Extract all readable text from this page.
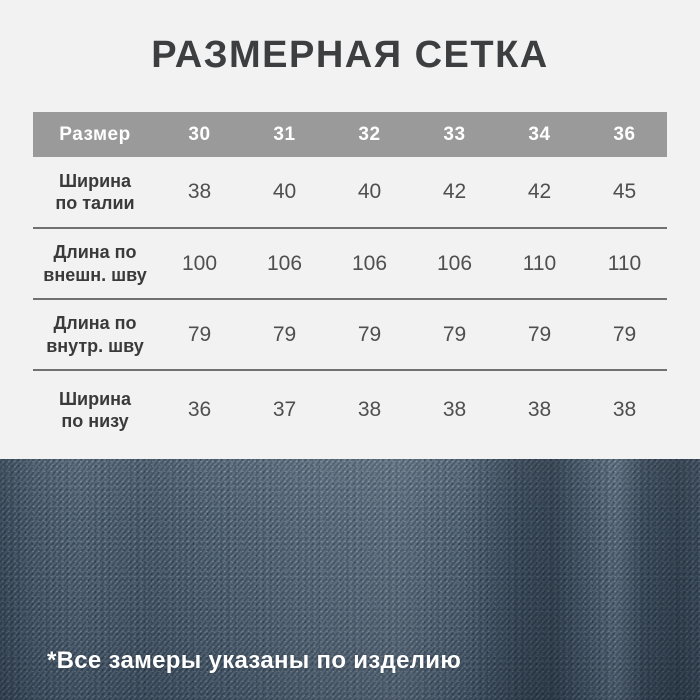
РАЗМЕРНАЯ СЕТКА
Размер	30	31	32	33	34	36

Ширина
по талии	38	40	40	42	42	45

Длина по
внешн. шву	100	106	106	106	110	110

Длина по
внутр. шву	79	79	79	79	79	79

Ширина
по низу	36	37	38	38	38	38
*Все замеры указаны по изделию
